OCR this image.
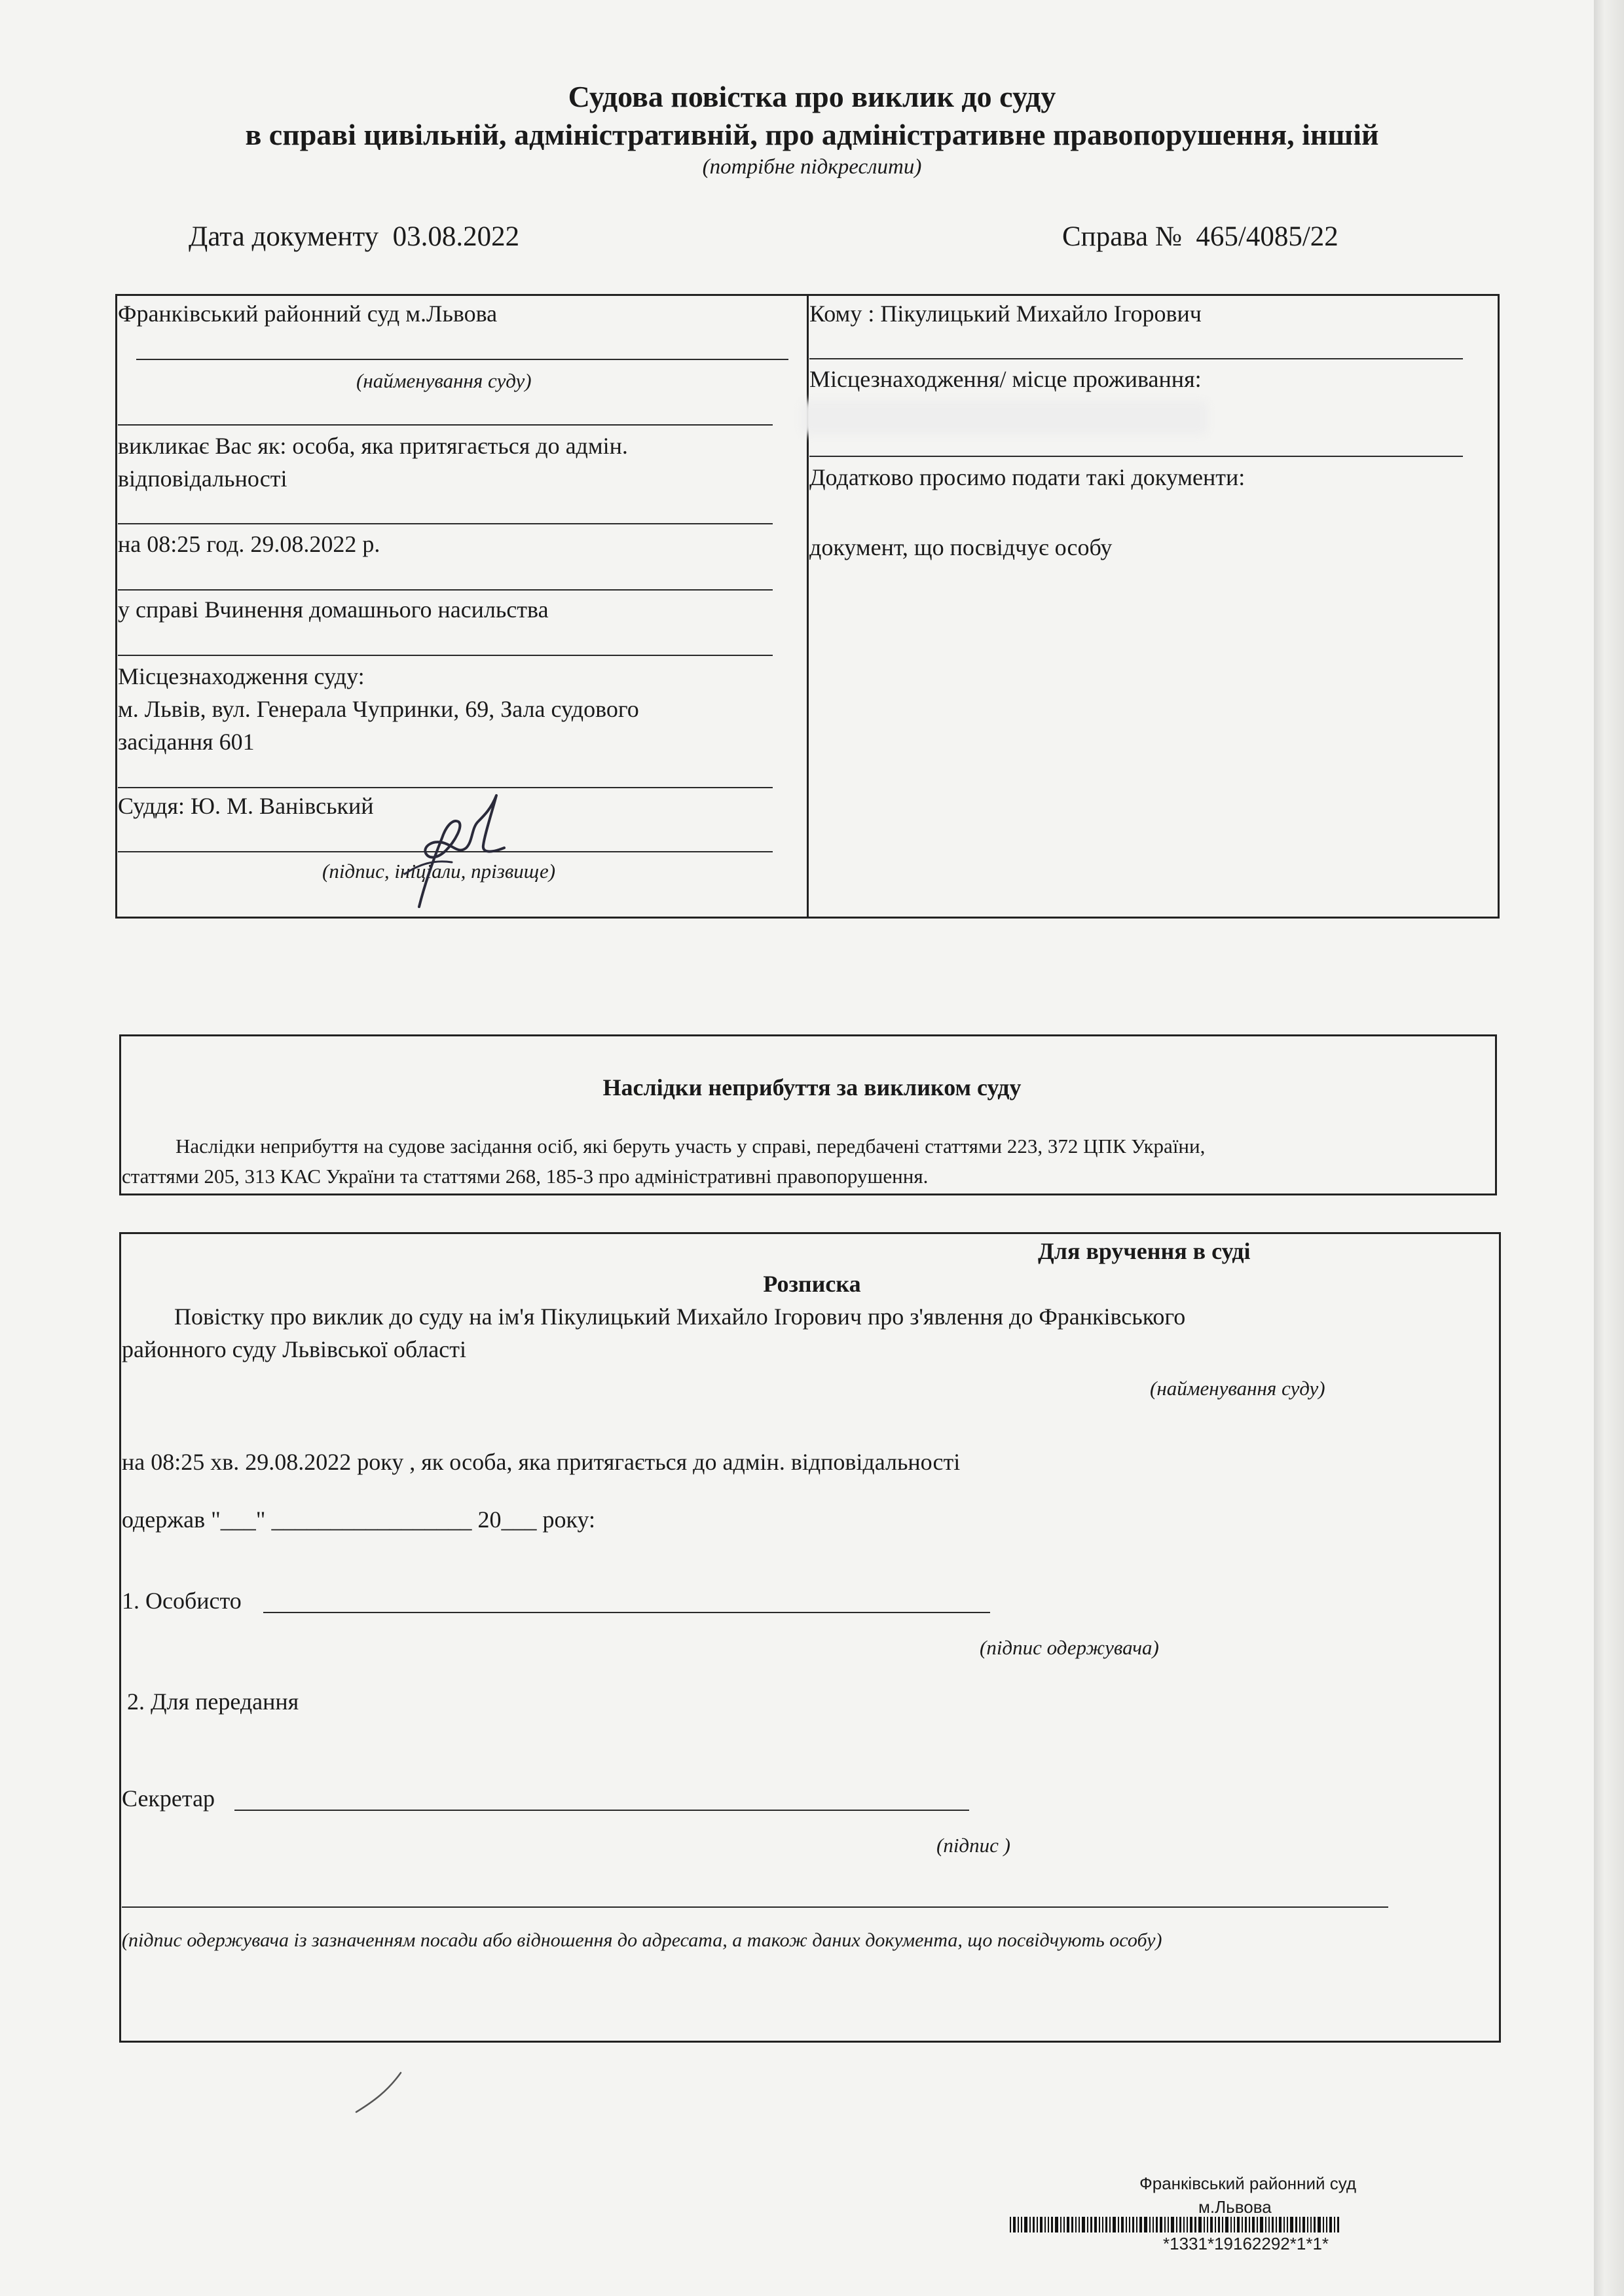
Судова повістка про виклик до суду
в справі цивільній, адміністративній, про адміністративне правопорушення, іншій
(потрібне підкреслити)
Дата документу 03.08.2022	Справа № 465/4085/22
Франківський районний суд м.Львова
(найменування суду)
викликає Вас як: особа, яка притягається до адмін.
відповідальності
на 08:25 год. 29.08.2022 р.
у справі Вчинення домашнього насильства
Місцезнаходження суду:
м. Львів, вул. Генерала Чупринки, 69, Зала судового
засідання 601
Суддя: Ю. М. Ванівський
(підпис, ініціали, прізвище)
Кому : Пікулицький Михайло Ігорович
Місцезнаходження/ місце проживання:
Додатково просимо подати такі документи:
документ, що посвідчує особу
Наслідки неприбуття за викликом суду
Наслідки неприбуття на судове засідання осіб, які беруть участь у справі, передбачені статтями 223, 372 ЦПК України,
статтями 205, 313 КАС України та статтями 268, 185-3 про адміністративні правопорушення.
Для вручення в суді
Розписка
Повістку про виклик до суду на ім'я Пікулицький Михайло Ігорович про з'явлення до Франківського
районного суду Львівської області
(найменування суду)
на 08:25 хв. 29.08.2022 року , як особа, яка притягається до адмін. відповідальності
одержав "___" _________________ 20___ року:
1. Особисто
(підпис одержувача)
2. Для передання
Секретар
(підпис )
(підпис одержувача із зазначенням посади або відношення до адресата, а також даних документа, що посвідчують особу)
Франківський районний суд
м.Львова
*1331*19162292*1*1*
